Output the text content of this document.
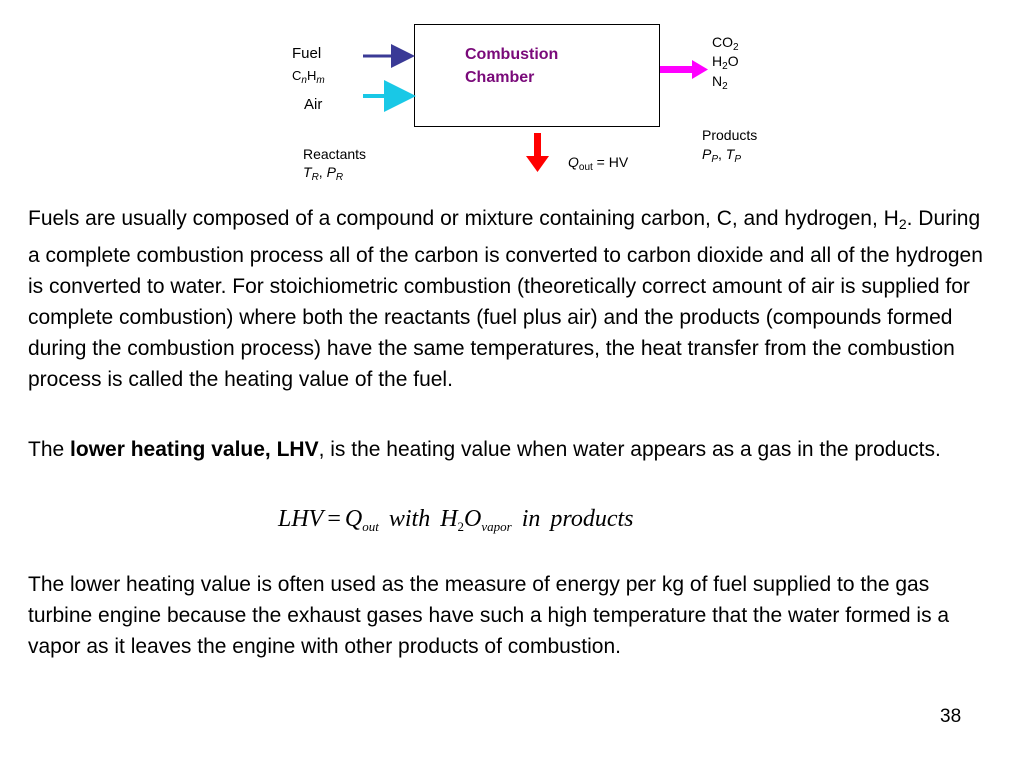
Combustion
Chamber
Fuel
$C_nH_m$
Air
Reactants
$T_R$, $P_R$
$CO_2$
$H_2O$
$N_2$
Products
$P_P$, $T_P$
$Q_{out}$ = HV

Fuels are usually composed of a compound or mixture containing carbon, C, and hydrogen, H2. During a complete combustion process all of the carbon is converted to carbon dioxide and all of the hydrogen is converted to water. For stoichiometric combustion (theoretically correct amount of air is supplied for complete combustion) where both the reactants (fuel plus air) and the products (compounds formed during the combustion process) have the same temperatures, the heat transfer from the combustion process is called the heating value of the fuel.

The lower heating value, LHV, is the heating value when water appears as a gas in the products.

LHV = $Q_{out}$ with $H_2O_{vapor}$ in products

The lower heating value is often used as the measure of energy per kg of fuel supplied to the gas turbine engine because the exhaust gases have such a high temperature that the water formed is a vapor as it leaves the engine with other products of combustion.

38
